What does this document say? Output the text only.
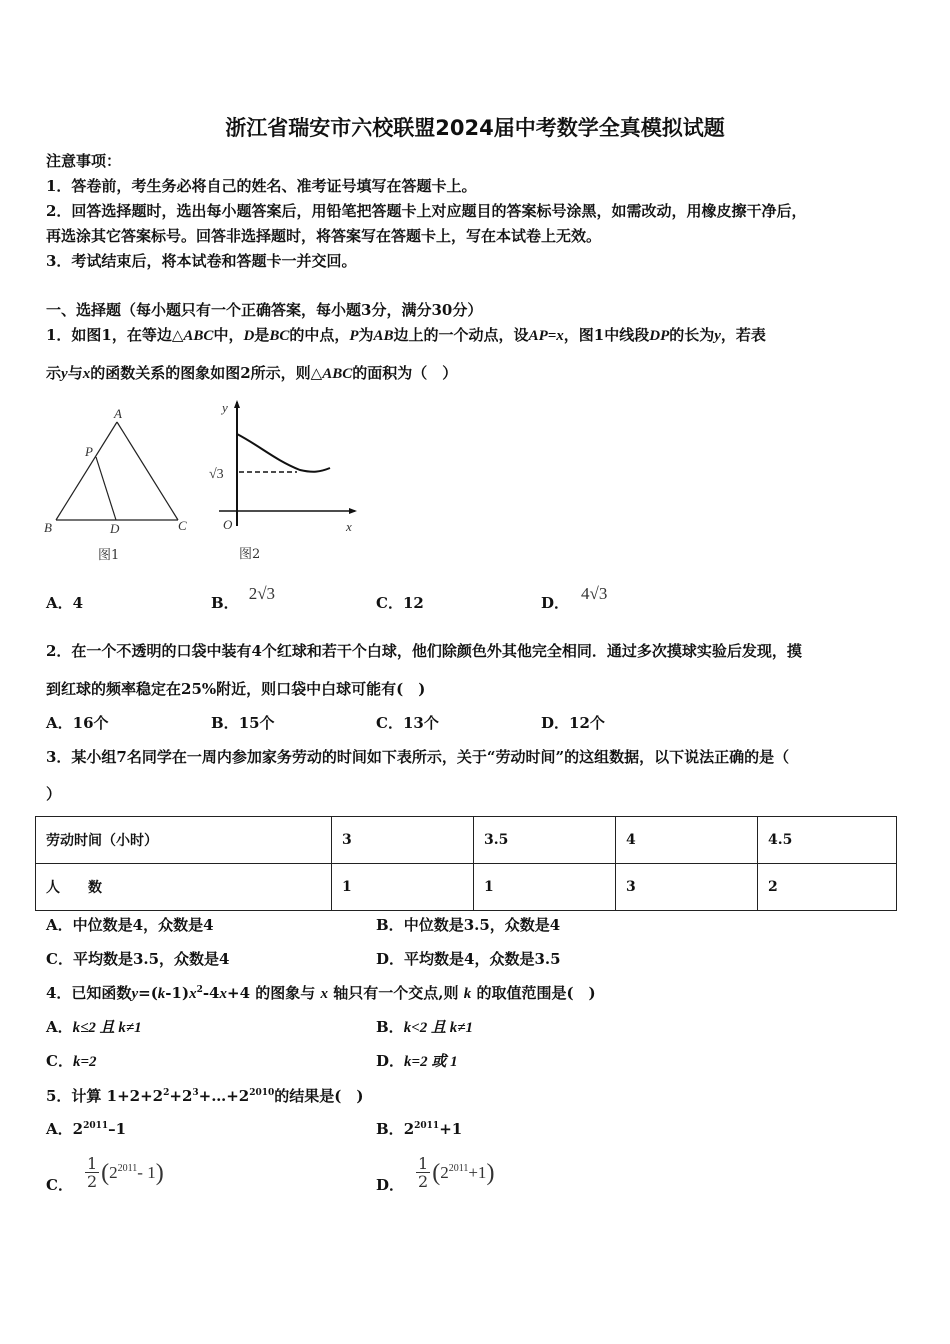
浙江省瑞安市六校联盟2024届中考数学全真模拟试题
注意事项：
1．答卷前，考生务必将自己的姓名、准考证号填写在答题卡上。
2．回答选择题时，选出每小题答案后，用铅笔把答题卡上对应题目的答案标号涂黑，如需改动，用橡皮擦干净后，
再选涂其它答案标号。回答非选择题时，将答案写在答题卡上，写在本试卷上无效。
3．考试结束后，将本试卷和答题卡一并交回。
一、选择题（每小题只有一个正确答案，每小题3分，满分30分）
1．如图1，在等边△ABC中，D是BC的中点，P为AB边上的一个动点，设AP=x，图1中线段DP的长为y，若表
示y与x的函数关系的图象如图2所示，则△ABC的面积为（　）
A
P
B	D	C
图1
y
√3
O	x
图2
A．4	B． 2√3	C．12	D． 4√3
2．在一个不透明的口袋中装有4个红球和若干个白球，他们除颜色外其他完全相同．通过多次摸球实验后发现，摸
到红球的频率稳定在25%附近，则口袋中白球可能有(　)
A．16个	B．15个	C．13个	D．12个
3．某小组7名同学在一周内参加家务劳动的时间如下表所示，关于“劳动时间”的这组数据，以下说法正确的是（
）
劳动时间（小时）	3	3.5	4	4.5
人　　数	1	1	3	2
A．中位数是4，众数是4	B．中位数是3.5，众数是4
C．平均数是3.5，众数是4	D．平均数是4，众数是3.5
4．已知函数$y=(k-1)x^2-4x+4$ 的图象与 x 轴只有一个交点,则 k 的取值范围是(　)
A．k≤2 且 k≠1	B．k<2 且 k≠1
C．k=2	D．k=2 或 1
5．计算 $1+2+2^2+2^3+\dots+2^{2010}$的结果是(　)
A．$2^{2011}-1$	B．$2^{2011}+1$
C． $\frac{1}{2}$ ( 2 $^{2011}$ - 1 )	D． $\frac{1}{2}$ ( 2 $^{2011}$ +1 )
